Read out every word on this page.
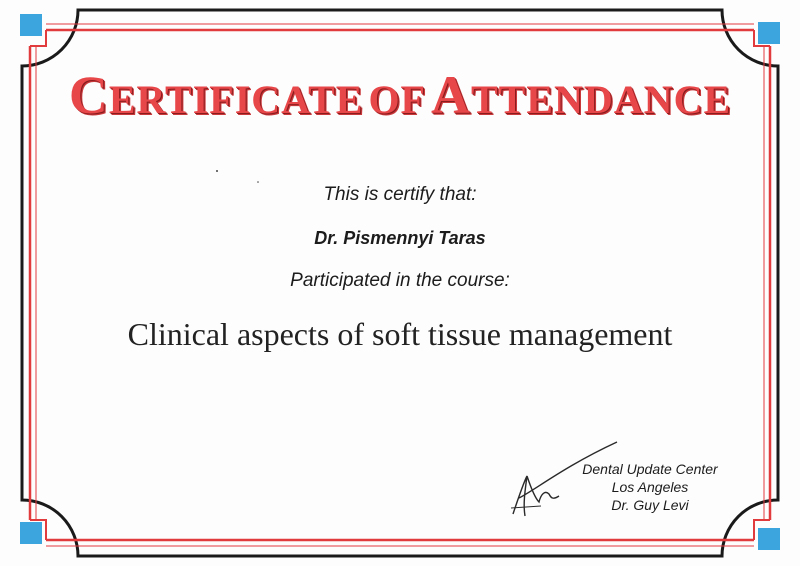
CERTIFICATE OF ATTENDANCE
This is certify that:
Dr. Pismennyi Taras
Participated in the course:
Clinical aspects of soft tissue management
Dental Update Center
Los Angeles
Dr. Guy Levi
